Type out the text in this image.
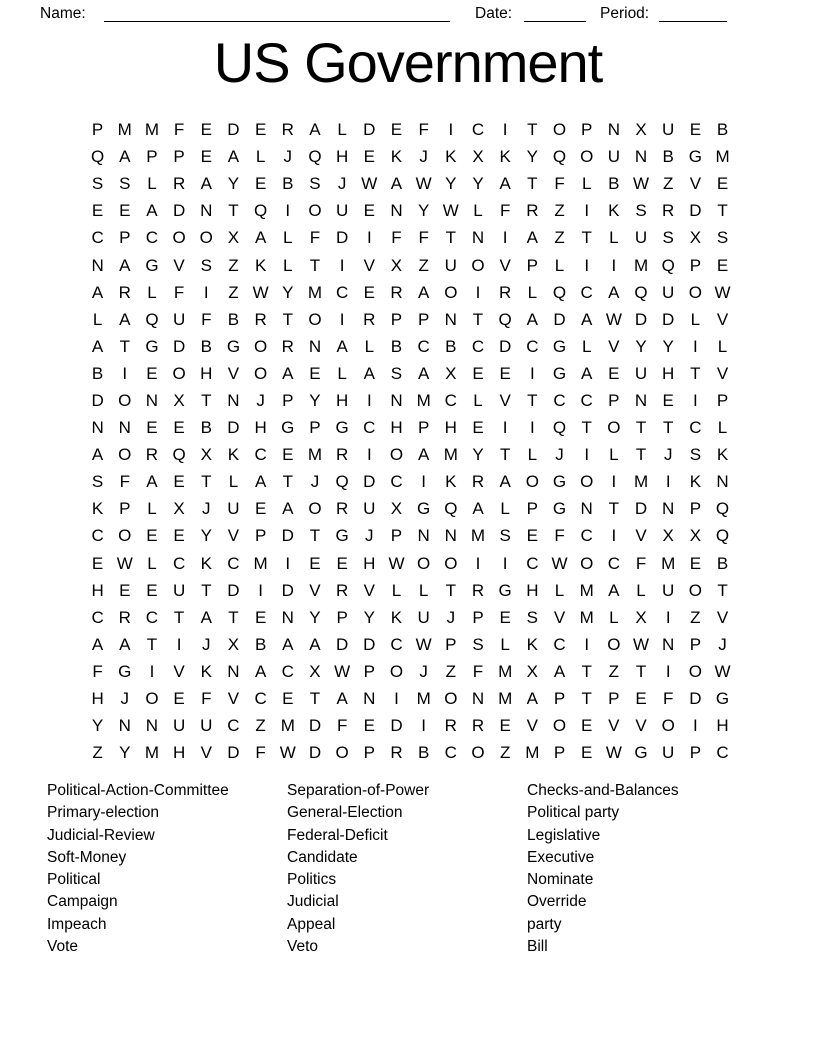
Name:	Date:	Period:
US Government
P M M F E D E R A L D E F	I	C	I	T O P N X U E B
Q A P P E A L	J Q H E K	J	K X K Y Q O U N B G M
S S L R A Y E B S	J W A W Y Y A T F	L B W Z V E
E E A D N T Q	I	O U E N Y W L	F R Z	I	K S R D T
C P C O O X A L	F D	I	F F T N	I	A Z T	L U S X S
N A G V S Z K L	T	I	V X Z U O V P L	I	I	M Q P E
A R L	F	I	Z W Y M C E R A O	I	R L Q C A Q U O W
L A Q U F B R T O	I	R P P N T Q A D A W D D L V
A T G D B G O R N A L B C B C D C G L V Y Y	I	L
B	I	E O H V O A E L A S A X E E	I	G A E U H T V
D O N X T N J	P Y H	I	N M C L V T C C P N E	I	P
N N E E B D H G P G C H P H E	I	I	Q T O T T C L
A O R Q X K C E M R	I	O A M Y T	L	J	I	L	T	J	S K
S F A E T	L A T	J Q D C	I	K R A O G O	I	M	I	K N
K P L X	J U E A O R U X G Q A L P G N T D N P Q
C O E E Y V P D T G J	P N N M S E F C	I	V X X Q
E W L C K C M	I	E E H W O O	I	I	C W O C F M E B
H E E U T D	I	D V R V L	L	T R G H L M A L U O T
C R C T A T E N Y P Y K U J	P E S V M L X	I	Z V
A A T	I	J	X B A A D D C W P S L K C	I	O W N P	J
F G	I	V K N A C X W P O J	Z F M X A T Z T	I	O W
H J O E F V C E T A N	I	M O N M A P T P E F D G
Y N N U U C Z M D F E D	I	R R E V O E V V O	I	H
Z Y M H V D F W D O P R B C O Z M P E W G U P C
Political-Action-Committee
Primary-election
Judicial-Review
Soft-Money
Political
Campaign
Impeach
Vote
Separation-of-Power
General-Election
Federal-Deficit
Candidate
Politics
Judicial
Appeal
Veto
Checks-and-Balances
Political party
Legislative
Executive
Nominate
Override
party
Bill
